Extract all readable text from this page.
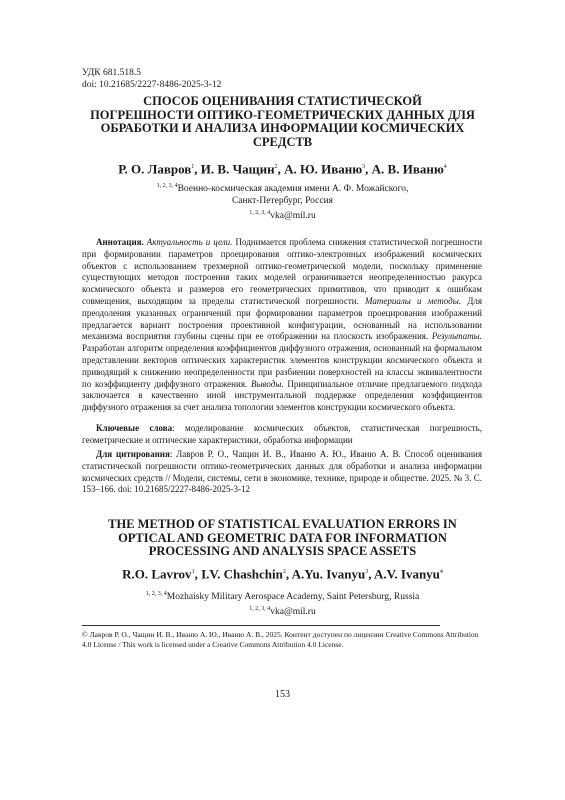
УДК 681.518.5
doi: 10.21685/2227-8486-2025-3-12
СПОСОБ ОЦЕНИВАНИЯ СТАТИСТИЧЕСКОЙ ПОГРЕШНОСТИ ОПТИКО-ГЕОМЕТРИЧЕСКИХ ДАННЫХ ДЛЯ ОБРАБОТКИ И АНАЛИЗА ИНФОРМАЦИИ КОСМИЧЕСКИХ СРЕДСТВ
Р. О. Лавров$^1$, И. В. Чащин$^2$, А. Ю. Иваню$^3$, А. В. Иваню$^4$
$^{1, 2, 3, 4}$Военно-космическая академия имени А. Ф. Можайского,
Санкт-Петербург, Россия
$^{1, 2, 3, 4}$vka@mil.ru
Аннотация. Актуальность и цели. Поднимается проблема снижения статистической погрешности при формировании параметров проецирования оптико-электронных изображений космических объектов с использованием трехмерной оптико-геометрической модели, поскольку применение существующих методов построения таких моделей ограничивается неопределенностью ракурса космического объекта и размеров его геометрических примитивов, что приводит к ошибкам совмещения, выходящим за пределы статистической погрешности. Материалы и методы. Для преодоления указанных ограничений при формировании параметров проецирования изображений предлагается вариант построения проективной конфигурации, основанный на использовании механизма восприятия глубины сцены при ее отображении на плоскость изображения. Результаты. Разработан алгоритм определения коэффициентов диффузного отражения, основанный на формальном представлении векторов оптических характеристик элементов конструкции космического объекта и приводящий к снижению неопределенности при разбиении поверхностей на классы эквивалентности по коэффициенту диффузного отражения. Выводы. Принципиальное отличие предлагаемого подхода заключается в качественно иной инструментальной поддержке определения коэффициентов диффузного отражения за счет анализа топологии элементов конструкции космического объекта.
Ключевые слова: моделирование космических объектов, статистическая погрешность, геометрические и оптические характеристики, обработка информации
Для цитирования: Лавров Р. О., Чащин И. В., Иваню А. Ю., Иваню А. В. Способ оценивания статистической погрешности оптико-геометрических данных для обработки и анализа информации космических средств // Модели, системы, сети в экономике, технике, природе и обществе. 2025. № 3. С. 153–166. doi: 10.21685/2227-8486-2025-3-12
THE METHOD OF STATISTICAL EVALUATION ERRORS IN OPTICAL AND GEOMETRIC DATA FOR INFORMATION PROCESSING AND ANALYSIS SPACE ASSETS
R.O. Lavrov$^1$, I.V. Chashchin$^2$, A.Yu. Ivanyu$^3$, A.V. Ivanyu$^4$
$^{1, 2, 3, 4}$Mozhaisky Military Aerospace Academy, Saint Petersburg, Russia
$^{1, 2, 3, 4}$vka@mil.ru
© Лавров Р. О., Чащин И. В., Иваню А. Ю., Иваню А. В., 2025. Контент доступен по лицензии Creative Commons Attribution 4.0 License / This work is licensed under a Creative Commons Attribution 4.0 License.
153
